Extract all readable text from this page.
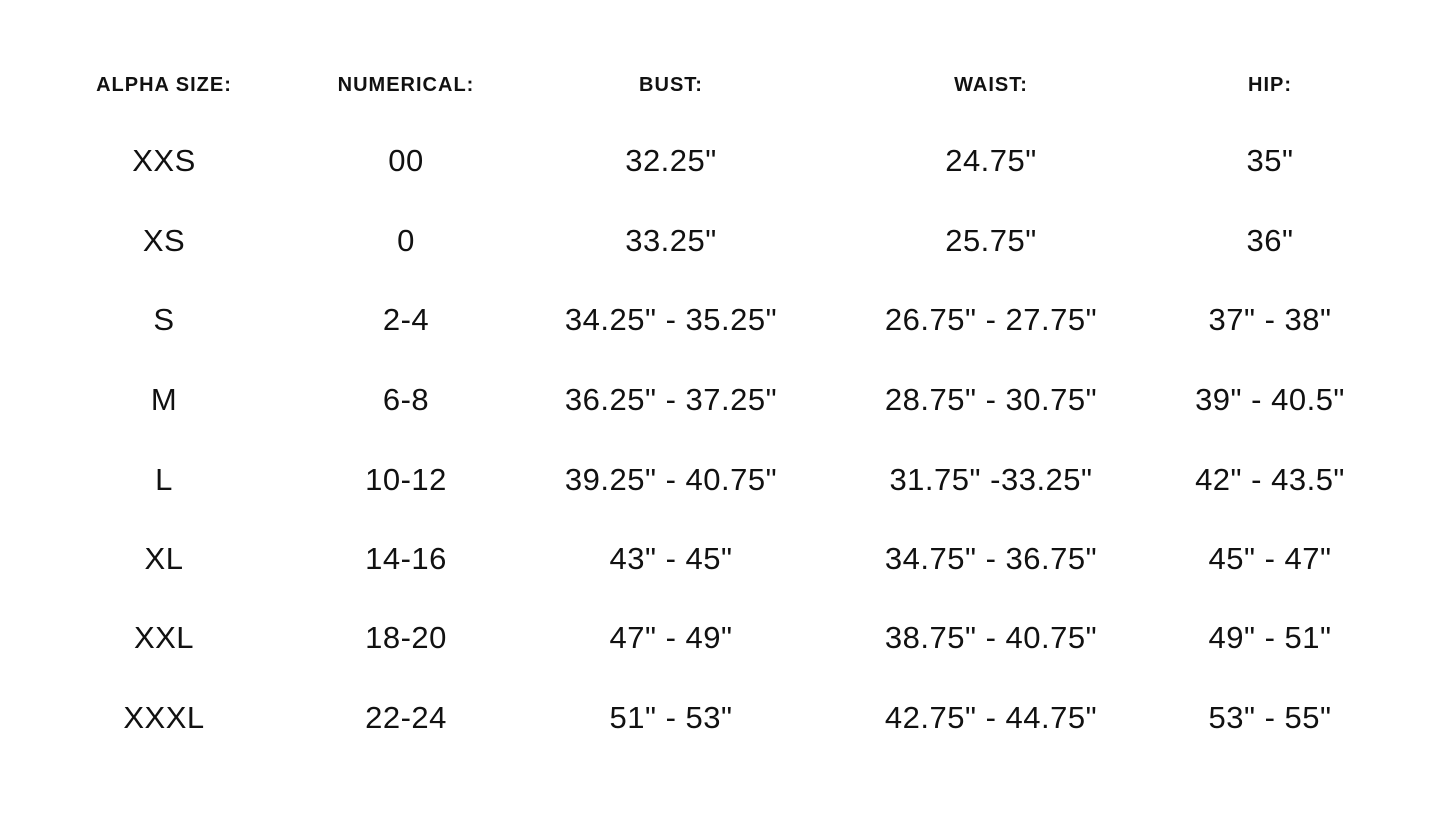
ALPHA SIZE:	NUMERICAL:	BUST:	WAIST:	HIP:
XXS	00	32.25"	24.75"	35"
XS	0	33.25"	25.75"	36"
S	2-4	34.25" - 35.25"	26.75" - 27.75"	37" - 38"
M	6-8	36.25" - 37.25"	28.75" - 30.75"	39" - 40.5"
L	10-12	39.25" - 40.75"	31.75" -33.25"	42" - 43.5"
XL	14-16	43" - 45"	34.75" - 36.75"	45" - 47"
XXL	18-20	47" - 49"	38.75" - 40.75"	49" - 51"
XXXL	22-24	51" - 53"	42.75" - 44.75"	53" - 55"
